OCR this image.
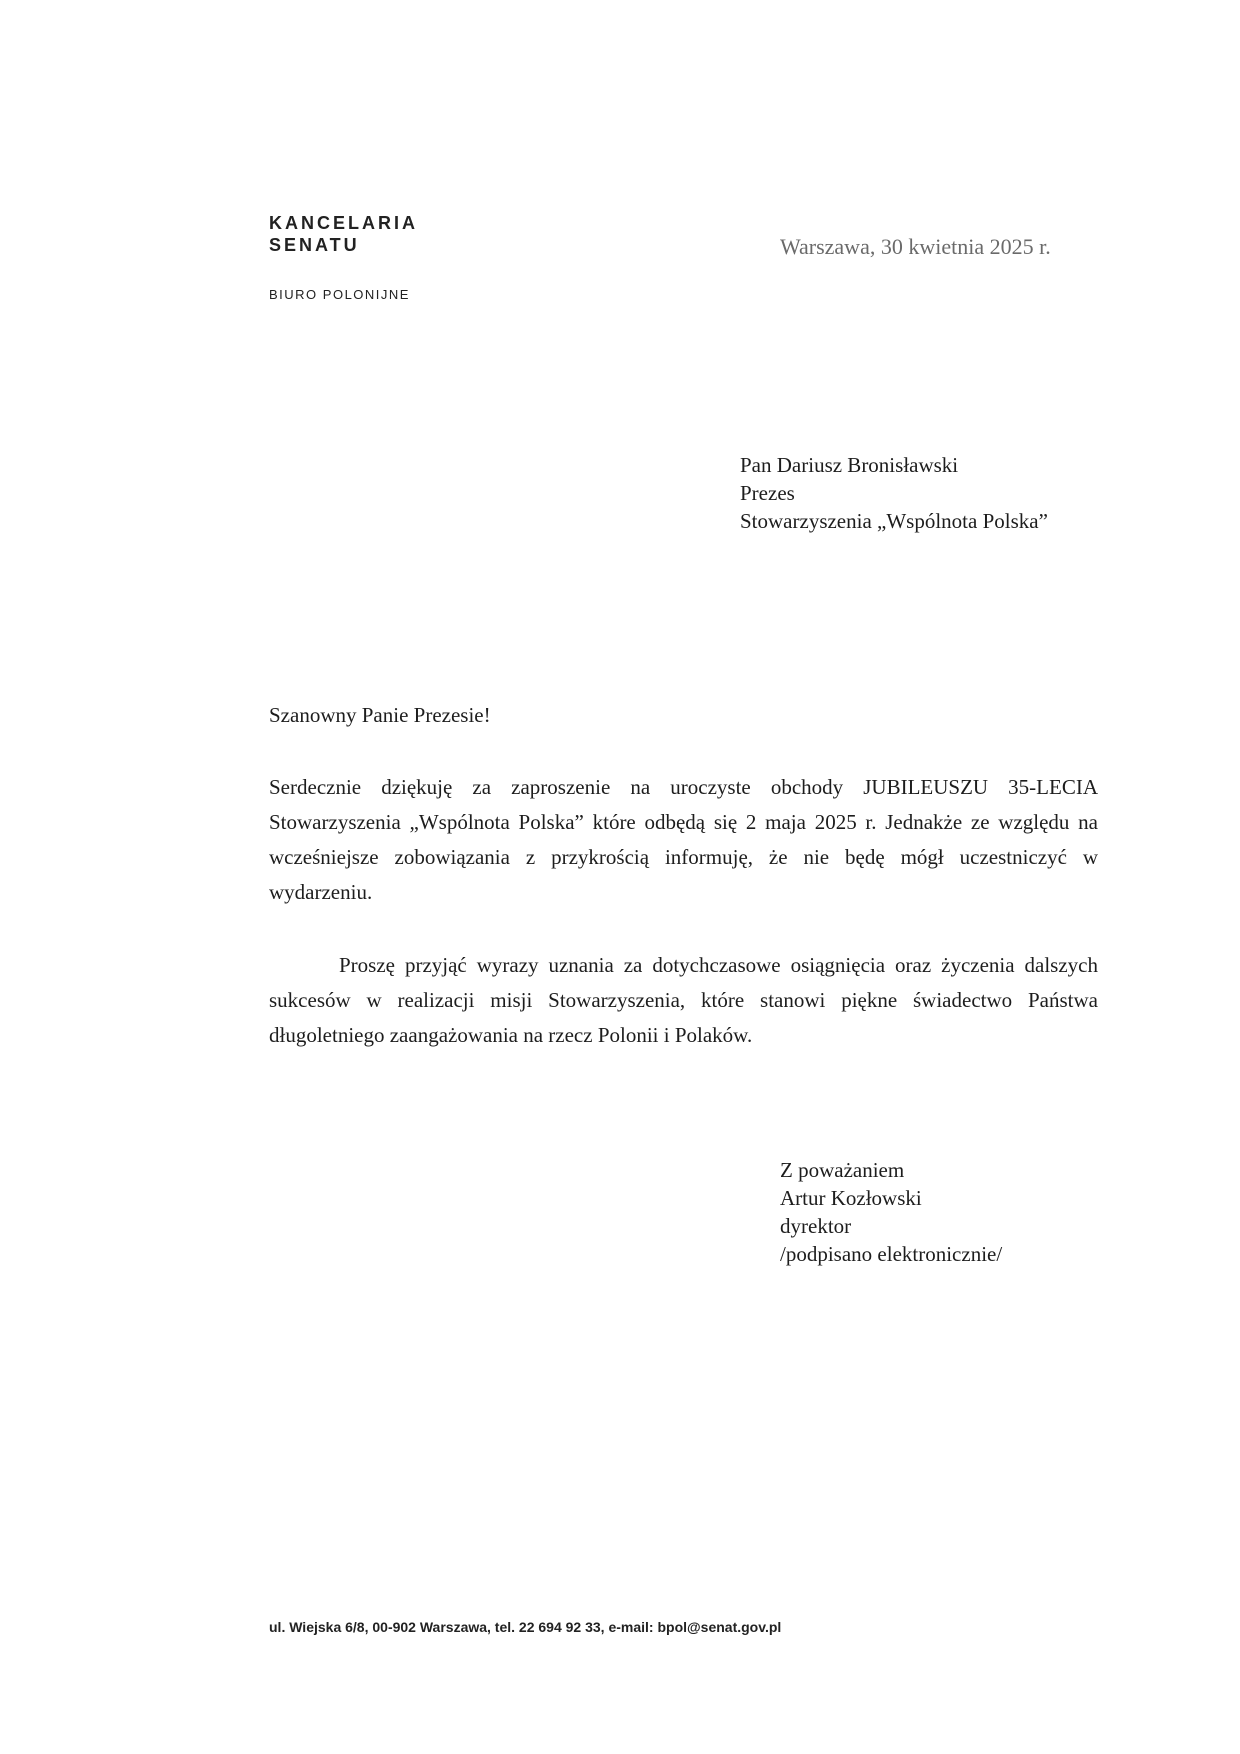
KANCELARIA
SENATU
BIURO POLONIJNE
Warszawa, 30 kwietnia 2025 r.
Pan Dariusz Bronisławski
Prezes
Stowarzyszenia „Wspólnota Polska”
Szanowny Panie Prezesie!
Serdecznie dziękuję za zaproszenie na uroczyste obchody JUBILEUSZU 35-LECIA Stowarzyszenia „Wspólnota Polska” które odbędą się 2 maja 2025 r. Jednakże ze względu na wcześniejsze zobowiązania z przykrością informuję, że nie będę mógł uczestniczyć w wydarzeniu.
Proszę przyjąć wyrazy uznania za dotychczasowe osiągnięcia oraz życzenia dalszych sukcesów w realizacji misji Stowarzyszenia, które stanowi piękne świadectwo Państwa długoletniego zaangażowania na rzecz Polonii i Polaków.
Z poważaniem
Artur Kozłowski
dyrektor
/podpisano elektronicznie/
ul. Wiejska 6/8, 00-902 Warszawa, tel. 22 694 92 33, e-mail: bpol@senat.gov.pl
